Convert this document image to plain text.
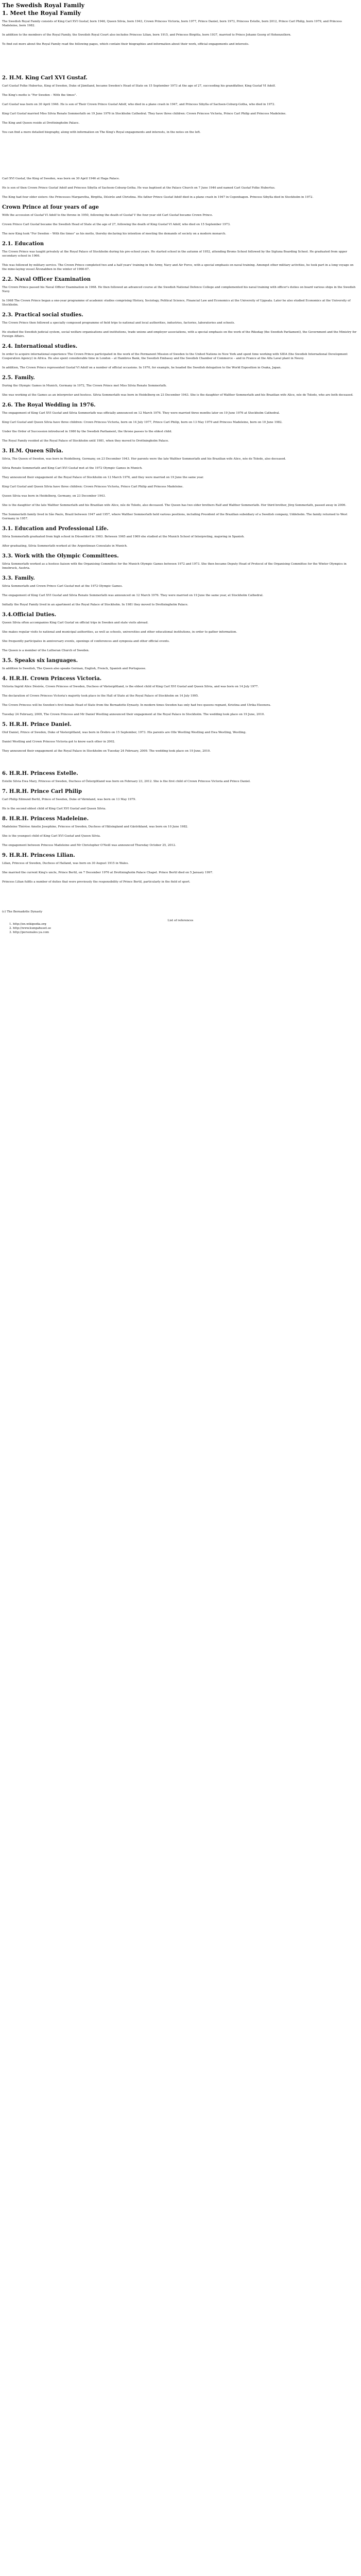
The Swedish Royal Family
1. Meet the Royal Family

The Swedish Royal Family consists of King Carl XVI Gustaf, born 1946, Queen Silvia, born 1943, Crown Princess Victoria, born 1977, Prince Daniel, born 1973, Princess Estelle, born 2012, Prince Carl Philip, born 1979, and Princess Madeleine, born 1982.

In addition to the members of the Royal Family, the Swedish Royal Court also includes Princess Lilian, born 1915, and Princess Birgitta, born 1937, married to Prince Johann Georg of Hohenzollern.

To find out more about the Royal Family read the following pages, which contain their biographies and information about their work, official engagements and interests.

2. H.M. King Carl XVI Gustaf.

Carl Gustaf Folke Hubertus, King of Sweden, Duke of Jämtland, became Sweden's Head of State on 15 September 1973 at the age of 27, succeeding his grandfather, King Gustaf VI Adolf.

The King's motto is "For Sweden – With the times".

Carl Gustaf was born on 30 April 1946. He is son of Their Crown Prince Gustaf Adolf, who died in a plane crash in 1947, and Princess Sibylla of Sachsen-Coburg-Gotha, who died in 1972.

King Carl Gustaf married Miss Silvia Renate Sommerlath on 19 June 1976 in Stockholm Cathedral. They have three children: Crown Princess Victoria, Prince Carl Philip and Princess Madeleine.

The King and Queen reside at Drottningholm Palace.

You can find a more detailed biography, along with information on The King's Royal engagements and interests, in the notes on the left.

Carl XVI Gustaf, the King of Sweden, was born on 30 April 1946 at Haga Palace.

He is son of then Crown Prince Gustaf Adolf and Princess Sibylla of Sachsen-Coburg-Gotha. He was baptised at the Palace Church on 7 June 1946 and named Carl Gustaf Folke Hubertus.

The King had four older sisters: the Princesses Margaretha, Birgitta, Désirée and Christina. His father Prince Gustaf Adolf died in a plane crash in 1947 in Copenhagen. Princess Sibylla died in Stockholm in 1972.

Crown Prince at four years of age

With the accession of Gustaf VI Adolf to the throne in 1950, following the death of Gustaf V the four-year old Carl Gustaf became Crown Prince.

Crown Prince Carl Gustaf became the Swedish Head of State at the age of 27, following the death of King Gustaf VI Adolf, who died on 15 September 1973.

The new King took "For Sweden – With the times" as his motto, thereby declaring his intention of meeting the demands of society on a modern monarch.

2.1. Education

The Crown Prince was taught privately at the Royal Palace of Stockholm during his pre-school years. He started school in the autumn of 1952, attending Broms School followed by the Sigtuna Boarding School. He graduated from upper secondary school in 1966.

This was followed by military service. The Crown Prince completed two and a half years' training in the Army, Navy and Air Force, with a special emphasis on naval training. Amongst other military activities, he took part in a long voyage on the mine-laying vessel Älvsnabben in the winter of 1966-67.

2.2. Naval Officer Examination

The Crown Prince passed his Naval Officer Examination in 1968. He then followed an advanced course at the Swedish National Defence College and complemented his naval training with officer's duties on board various ships in the Swedish Navy.

In 1968 The Crown Prince began a one-year programme of academic studies comprising History, Sociology, Political Science, Financial Law and Economics at the University of Uppsala. Later he also studied Economics at the University of Stockholm.

2.3. Practical social studies.

The Crown Prince then followed a specially composed programme of field trips to national and local authorities, industries, factories, laboratories and schools.

He studied the Swedish judicial system, social welfare organisations and institutions, trade unions and employer associations, with a special emphasis on the work of the Riksdag (the Swedish Parliament), the Government and the Ministry for Foreign Affairs.

2.4. International studies.

In order to acquire international experience The Crown Prince participated in the work of the Permanent Mission of Sweden to the United Nations in New York and spent time working with SIDA (the Swedish International Development Cooperation Agency) in Africa. He also spent considerable time in London – at Hambros Bank, the Swedish Embassy and the Swedish Chamber of Commerce – and in France at the Alfa Laval plant in Neuvy.

In addition, The Crown Prince represented Gustaf VI Adolf on a number of official occasions. In 1970, for example, he headed the Swedish delegation to the World Exposition in Osaka, Japan.

2.5. Family.

During the Olympic Games in Munich, Germany in 1972, The Crown Prince met Miss Silvia Renate Sommerlath.

She was working at the Games as an interpreter and hostess. Silvia Sommerlath was born in Heidelberg on 23 December 1943. She is the daughter of Walther Sommerlath and his Brazilian wife Alice, née de Toledo, who are both deceased.

2.6. The Royal Wedding in 1976.

The engagement of King Carl XVI Gustaf and Silvia Sommerlath was officially announced on 12 March 1976. They were married three months later on 19 June 1976 at Stockholm Cathedral.

King Carl Gustaf and Queen Silvia have three children: Crown Princess Victoria, born on 14 July 1977, Prince Carl Philip, born on 13 May 1979 and Princess Madeleine, born on 10 June 1982.

Under the Order of Succession introduced in 1980 by the Swedish Parliament, the throne passes to the eldest child.

The Royal Family resided at the Royal Palace of Stockholm until 1981, when they moved to Drottningholm Palace.

3. H.M. Queen Silvia.

Silvia, The Queen of Sweden, was born in Heidelberg, Germany, on 23 December 1943. Her parents were the late Walther Sommerlath and his Brazilian wife Alice, née de Toledo, also deceased.

Silvia Renate Sommerlath and King Carl XVI Gustaf met at the 1972 Olympic Games in Munich.

They announced their engagement at the Royal Palace of Stockholm on 12 March 1976, and they were married on 19 June the same year.

King Carl Gustaf and Queen Silvia have three children: Crown Princess Victoria, Prince Carl Philip and Princess Madeleine.

Queen Silvia was born in Heidelberg, Germany, on 23 December 1943.

She is the daughter of the late Walther Sommerlath and his Brazilian wife Alice, née de Toledo, also deceased. The Queen has two older brothers Ralf and Walther Sommerlath. Her third brother, Jörg Sommerlath, passed away in 2006.

The Sommerlath family lived in São Paulo, Brazil between 1947 and 1957, where Walther Sommerlath held various positions, including President of the Brazilian subsidiary of a Swedish company, Uddeholm. The family returned to West Germany in 1957.

3.1. Education and Professional Life.

Silvia Sommerlath graduated from high school in Düsseldorf in 1963. Between 1965 and 1969 she studied at the Munich School of Interpreting, majoring in Spanish.

After graduating, Silvia Sommerlath worked at the Argentinean Consulate in Munich.

3.3. Work with the Olympic Committees.

Silvia Sommerlath worked as a hostess liaison with the Organising Committee for the Munich Olympic Games between 1972 and 1973. She then became Deputy Head of Protocol of the Organising Committee for the Winter Olympics in Innsbruck, Austria.

3.3. Family.

Silvia Sommerlath and Crown Prince Carl Gustaf met at the 1972 Olympic Games.

The engagement of King Carl XVI Gustaf and Silvia Renate Sommerlath was announced on 12 March 1976. They were married on 19 June the same year, at Stockholm Cathedral.

Initially the Royal Family lived in an apartment at the Royal Palace of Stockholm. In 1981 they moved to Drottningholm Palace.

3.4.Official Duties.

Queen Silvia often accompanies King Carl Gustaf on official trips in Sweden and state visits abroad.

She makes regular visits to national and municipal authorities, as well as schools, universities and other educational institutions, in order to gather information.

She frequently participates in anniversary events, openings of conferences and symposia and other official events.

The Queen is a member of the Lutheran Church of Sweden.

3.5. Speaks six languages.

In addition to Swedish, The Queen also speaks German, English, French, Spanish and Portuguese.

4. H.R.H. Crown Princess Victoria.

Victoria Ingrid Alice Désirée, Crown Princess of Sweden, Duchess of Västergötland, is the eldest child of King Carl XVI Gustaf and Queen Silvia, and was born on 14 July 1977.

The declaration of Crown Princess Victoria's majority took place in the Hall of State at the Royal Palace of Stockholm on 14 July 1995.

The Crown Princess will be Sweden's first female Head of State from the Bernadotte Dynasty. In modern times Sweden has only had two queens regnant, Kristina and Ulrika Eleonora.

Tuesday 24 February, 2009, The Crown Princess and Mr Daniel Westling announced their engagement at the Royal Palace in Stockholm. The wedding took place on 19 June, 2010.

5. H.R.H. Prince Daniel.

Olof Daniel, Prince of Sweden, Duke of Västergötland, was born in Örebro on 15 September, 1973. His parents are Olle Westling Westling and Ewa Westling, Westling.

Daniel Westling and Crown Princess Victoria got to know each other in 2002.

They announced their engagement at the Royal Palace in Stockholm on Tuesday 24 February, 2009. The wedding took place on 19 June, 2010.

6. H.R.H. Princess Estelle.

Estelle Silvia Ewa Mary, Princess of Sweden, Duchess of Östergötland was born on February 23, 2012. She is the first child of Crown Princess Victoria and Prince Daniel.

7. H.R.H. Prince Carl Philip

Carl Philip Edmund Bertil, Prince of Sweden, Duke of Värmland, was born on 13 May 1979.

He is the second oldest child of King Carl XVI Gustaf and Queen Silvia.

8. H.R.H. Princess Madeleine.

Madeleine Thérèse Amelie Josephine, Princess of Sweden, Duchess of Hälsingland and Gästrikland, was born on 10 June 1982.

She is the youngest child of King Carl XVI Gustaf and Queen Silvia.

The engagement between Princess Madeleine and Mr Christopher O'Neill was announced Thursday October 25, 2012.

9. H.R.H. Princess Lilian.

Lilian, Princess of Sweden, Duchess of Halland, was born on 30 August 1915 in Wales.

She married the current King's uncle, Prince Bertil, on 7 December 1976 at Drottningholm Palace Chapel. Prince Bertil died on 5 January 1997.

Princess Lilian fulfils a number of duties that were previously the responsibility of Prince Bertil, particularly in the field of sport.

(c) The Bernadotte Dynasty

List of references

1. http://en.wikipedia.org

2. http://www.kungahuset.se

3. http://personales.ya.com
